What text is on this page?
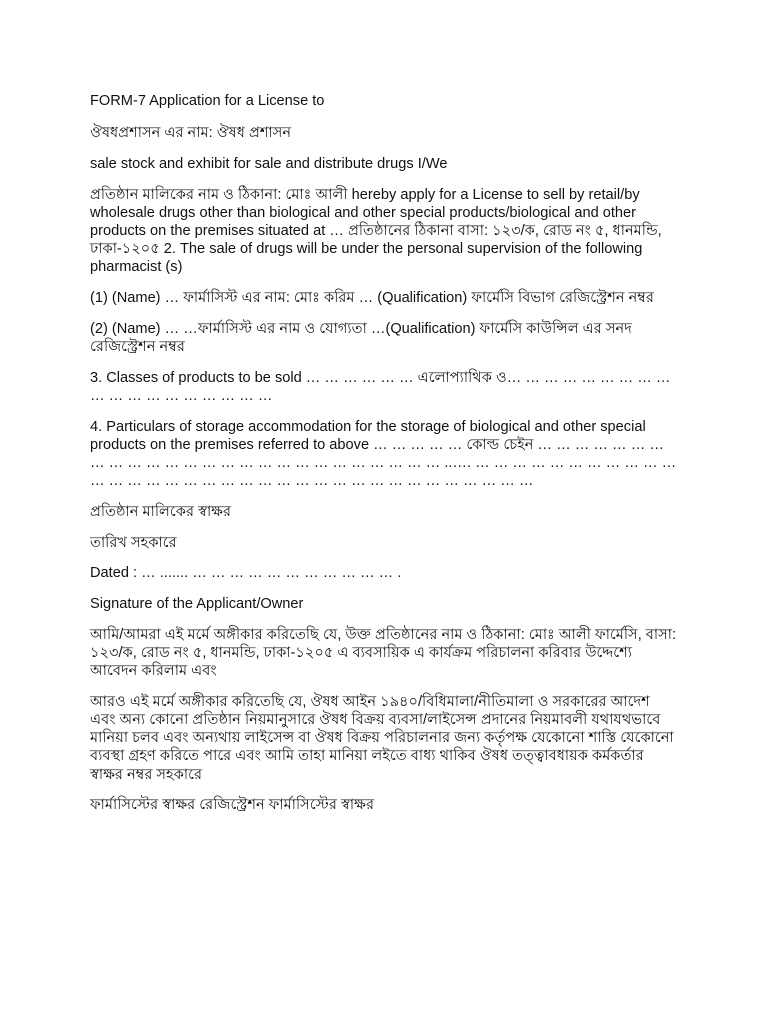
FORM-7 Application for a License to

ঔষধপ্রশাসন এর নাম: ঔষধ প্রশাসন

sale stock and exhibit for sale and distribute drugs I/We

প্রতিষ্ঠান মালিকের নাম ও ঠিকানা: মোঃ আলী hereby apply for a License to sell by retail/by wholesale drugs other than biological and other special products/biological and other products on the premises situated at … প্রতিষ্ঠানের ঠিকানা বাসা: ১২৩/ক, রোড নং ৫, ধানমন্ডি, ঢাকা-১২০৫ 2. The sale of drugs will be under the personal supervision of the following pharmacist (s)

(1) (Name) … ফার্মাসিস্ট এর নাম: মোঃ করিম … (Qualification) ফার্মেসি বিভাগ রেজিস্ট্রেশন নম্বর

(2) (Name) … …ফার্মাসিস্ট এর নাম ও যোগ্যতা …(Qualification) ফার্মেসি কাউন্সিল এর সনদ রেজিস্ট্রেশন নম্বর

3. Classes of products to be sold … … … … … … এলোপ্যাথিক ও… … … … … … … … … … … … … … … … … … …

4. Particulars of storage accommodation for the storage of biological and other special products on the premises referred to above … … … … … কোল্ড চেইন … … … … … … … … … … … … … … … … … … … … … … … … … … ..…. … … … … … … … … … … … … … … … … … … … … … … … … … … … … … … … … … … …

প্রতিষ্ঠান মালিকের স্বাক্ষর

তারিখ সহকারে

Dated : … ....... … … … … … … … … … … … .

Signature of the Applicant/Owner

আমি/আমরা এই মর্মে অঙ্গীকার করিতেছি যে, উক্ত প্রতিষ্ঠানের নাম ও ঠিকানা: মোঃ আলী ফার্মেসি, বাসা: ১২৩/ক, রোড নং ৫, ধানমন্ডি, ঢাকা-১২০৫ এ ব্যবসায়িক এ কার্যক্রম পরিচালনা করিবার উদ্দেশ্যে আবেদন করিলাম এবং

আরও এই মর্মে অঙ্গীকার করিতেছি যে, ঔষধ আইন ১৯৪০/বিধিমালা/নীতিমালা ও সরকারের আদেশ এবং অন্য কোনো প্রতিষ্ঠান নিয়মানুসারে ঔষধ বিক্রয় ব্যবসা/লাইসেন্স প্রদানের নিয়মাবলী যথাযথভাবে মানিয়া চলব এবং অন্যথায় লাইসেন্স বা ঔষধ বিক্রয় পরিচালনার জন্য কর্তৃপক্ষ যেকোনো শাস্তি যেকোনো ব্যবস্থা গ্রহণ করিতে পারে এবং আমি তাহা মানিয়া লইতে বাধ্য থাকিব ঔষধ তত্ত্বাবধায়ক কর্মকর্তার স্বাক্ষর নম্বর সহকারে

ফার্মাসিস্টের স্বাক্ষর রেজিস্ট্রেশন ফার্মাসিস্টের স্বাক্ষর
